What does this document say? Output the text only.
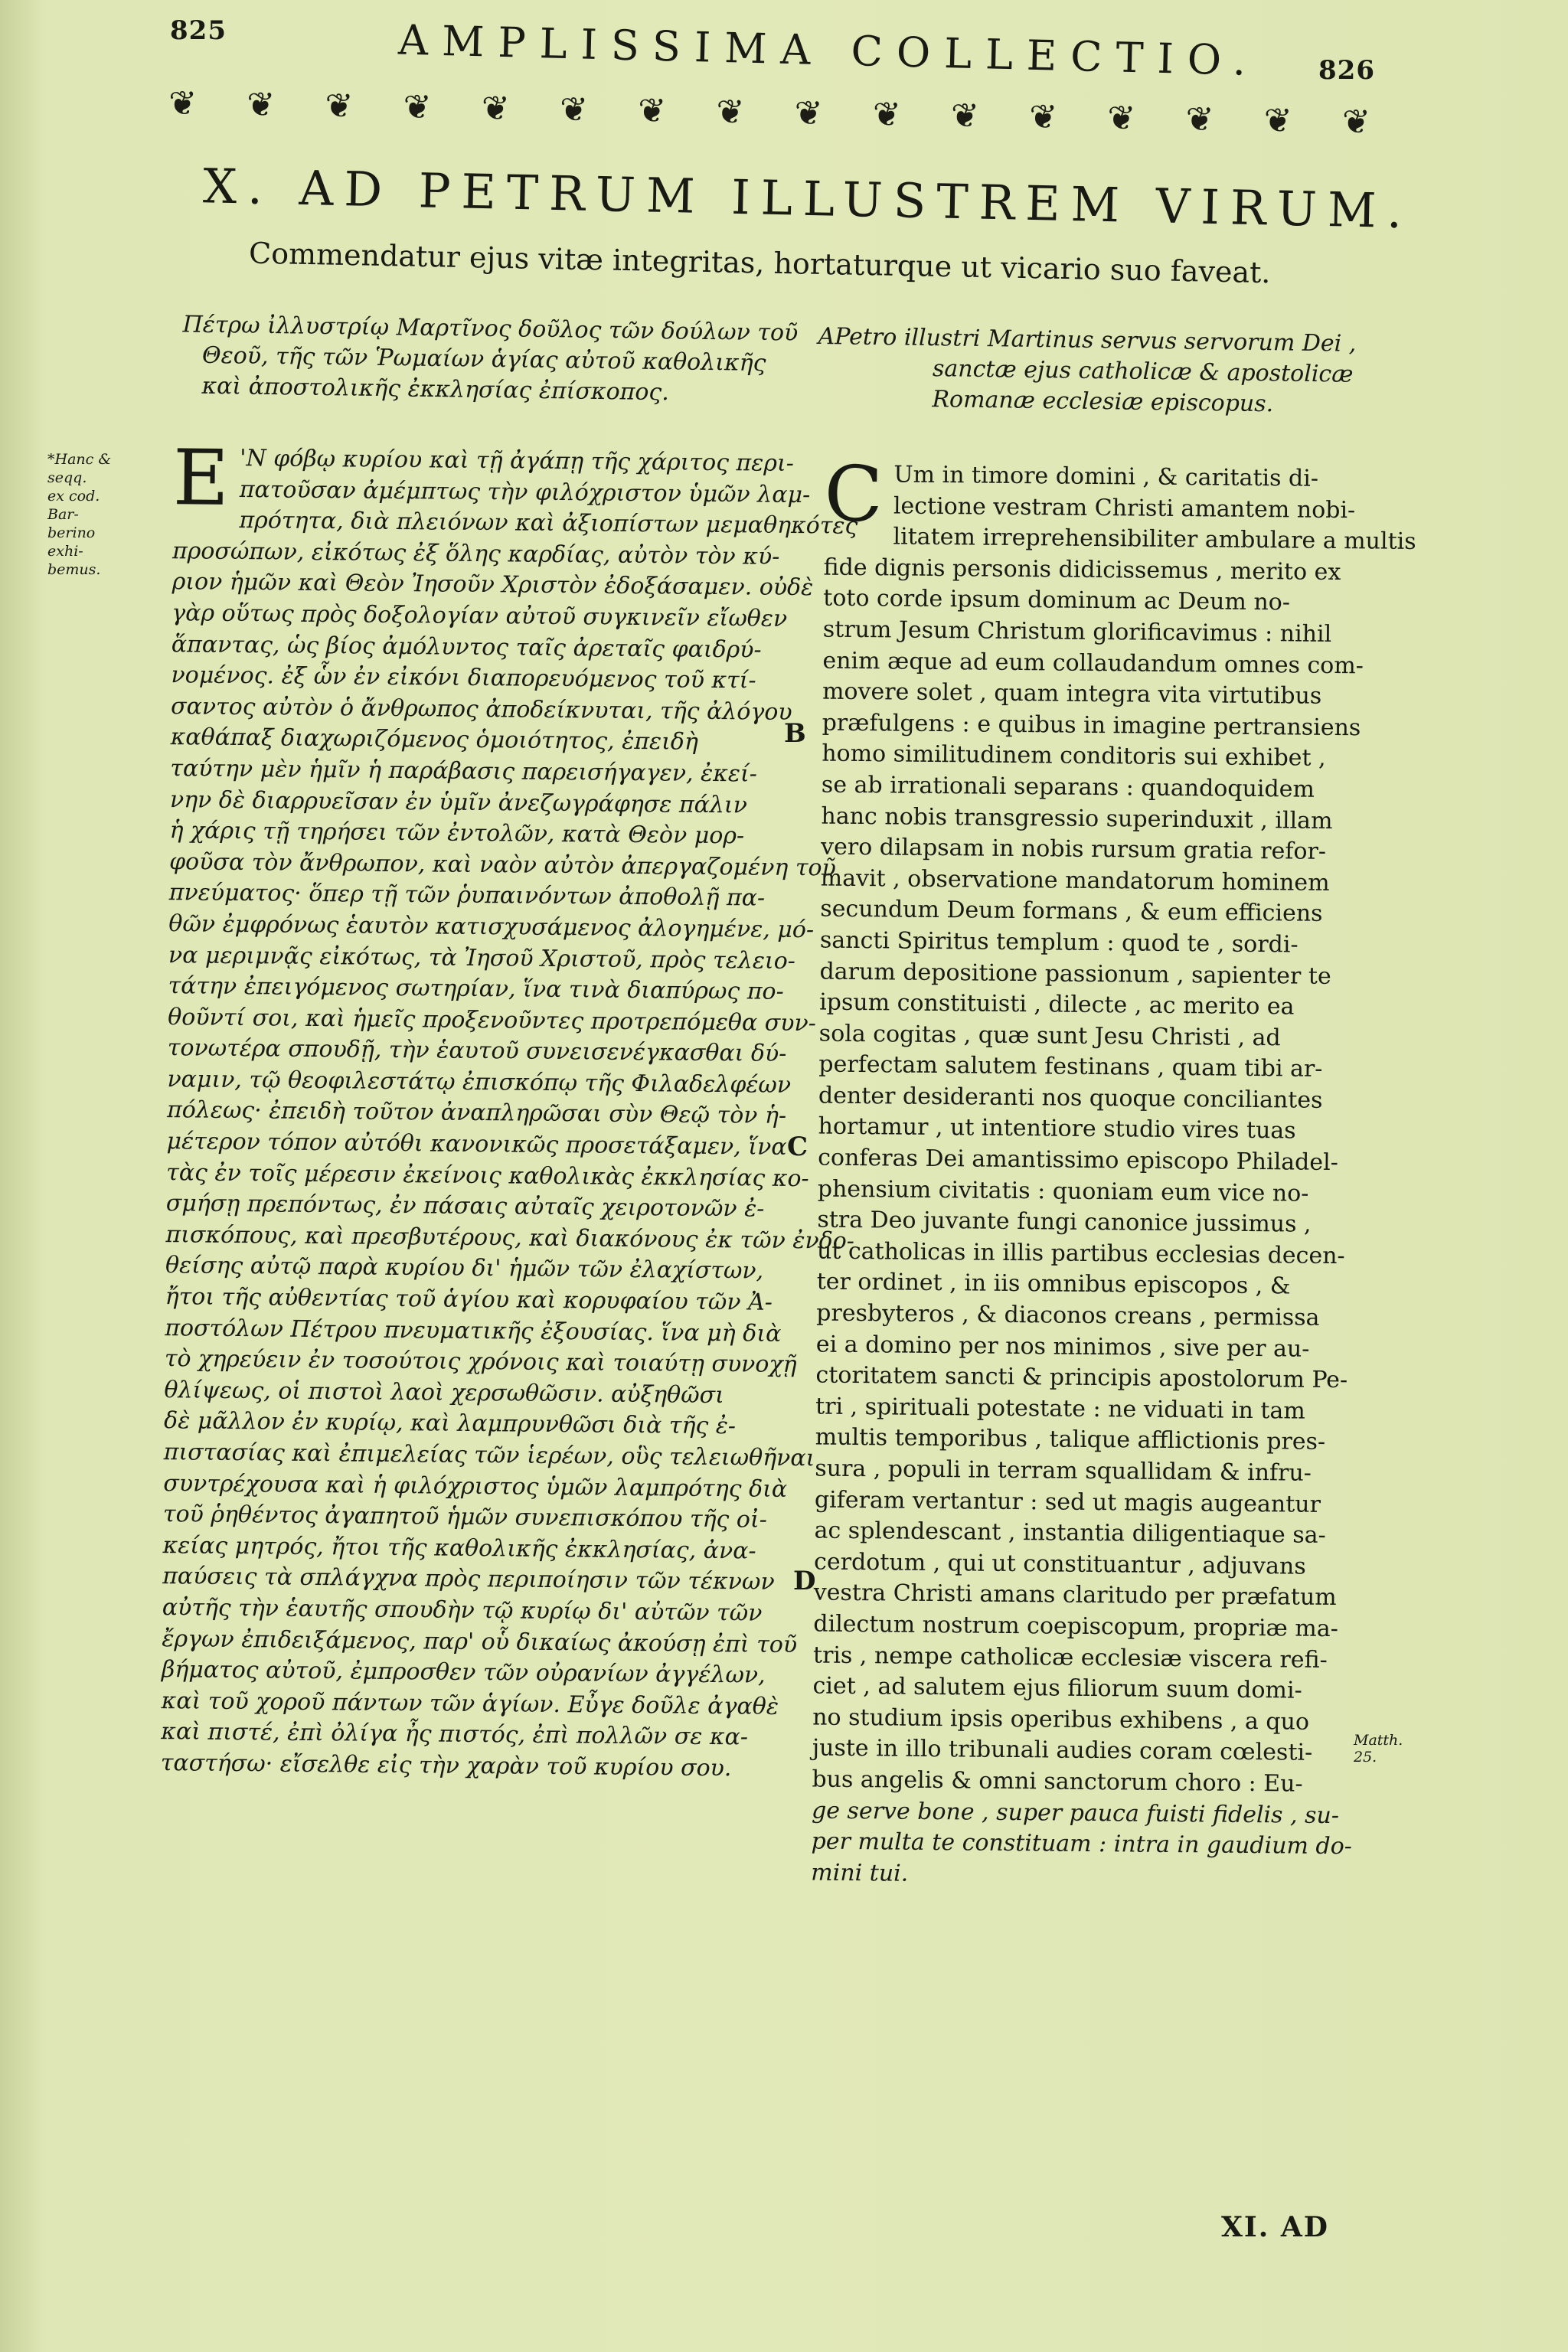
825	AMPLISSIMA COLLECTIO. 826
❦ ❦ ❦ ❦ ❦ ❦ ❦ ❦ ❦ ❦ ❦ ❦ ❦ ❦ ❦ ❦
X. AD PETRUM ILLUSTREM VIRUM.
Commendatur ejus vitæ integritas, hortaturque ut vicario suo faveat.
Πέτρω ἰλλυστρίῳ Μαρτῖνος δοῦλος τῶν δούλων τοῦ
Θεοῦ, τῆς τῶν Ῥωμαίων ἁγίας αὐτοῦ καθολικῆς
καὶ ἀποστολικῆς ἐκκλησίας ἐπίσκοπος.
APetro illustri Martinus servus servorum Dei ,
sanctæ ejus catholicæ & apostolicæ
Romanæ ecclesiæ episcopus.
*Hanc & seqq.
ex cod. Bar-
berino exhi-
bemus.
E 'Ν φόβῳ κυρίου καὶ τῇ ἀγάπῃ τῆς χάριτος περι-
πατοῦσαν ἀμέμπτως τὴν φιλόχριστον ὑμῶν λαμ-
πρότητα, διὰ πλειόνων καὶ ἀξιοπίστων μεμαθηκότες
προσώπων, εἰκότως ἐξ ὅλης καρδίας, αὐτὸν τὸν κύ-
ριον ἡμῶν καὶ Θεὸν Ἰησοῦν Χριστὸν ἐδοξάσαμεν. οὐδὲ
γὰρ οὕτως πρὸς δοξολογίαν αὐτοῦ συγκινεῖν εἴωθεν
ἅπαντας, ὡς βίος ἀμόλυντος ταῖς ἀρεταῖς φαιδρύ-
νομένος. ἐξ ὧν ἐν εἰκόνι διαπορευόμενος τοῦ κτί-
σαντος αὐτὸν ὁ ἄνθρωπος ἀποδείκνυται, τῆς ἀλόγου
καθάπαξ διαχωριζόμενος ὁμοιότητος, ἐπειδὴ
ταύτην μὲν ἡμῖν ἡ παράβασις παρεισήγαγεν, ἐκεί-
νην δὲ διαρρυεῖσαν ἐν ὑμῖν ἀνεζωγράφησε πάλιν
ἡ χάρις τῇ τηρήσει τῶν ἐντολῶν, κατὰ Θεὸν μορ-
φοῦσα τὸν ἄνθρωπον, καὶ ναὸν αὐτὸν ἀπεργαζομένη τοῦ
πνεύματος· ὅπερ τῇ τῶν ῥυπαινόντων ἀποθολῇ πα-
θῶν ἐμφρόνως ἑαυτὸν κατισχυσάμενος ἀλογημένε, μό-
να μεριμνᾷς εἰκότως, τὰ Ἰησοῦ Χριστοῦ, πρὸς τελειο-
τάτην ἐπειγόμενος σωτηρίαν, ἵνα τινὰ διαπύρως πο-
θοῦντί σοι, καὶ ἡμεῖς προξενοῦντες προτρεπόμεθα συν-
τονωτέρα σπουδῇ, τὴν ἑαυτοῦ συνεισενέγκασθαι δύ-
ναμιν, τῷ θεοφιλεστάτῳ ἐπισκόπῳ τῆς Φιλαδελφέων
πόλεως· ἐπειδὴ τοῦτον ἀναπληρῶσαι σὺν Θεῷ τὸν ἡ-
μέτερον τόπον αὐτόθι κανονικῶς προσετάξαμεν, ἵνα
τὰς ἐν τοῖς μέρεσιν ἐκείνοις καθολικὰς ἐκκλησίας κο-
σμήσῃ πρεπόντως, ἐν πάσαις αὐταῖς χειροτονῶν ἐ-
πισκόπους, καὶ πρεσβυτέρους, καὶ διακόνους ἐκ τῶν ἐνδο-
θείσης αὐτῷ παρὰ κυρίου δι' ἡμῶν τῶν ἐλαχίστων,
ἤτοι τῆς αὐθεντίας τοῦ ἁγίου καὶ κορυφαίου τῶν Ἀ-
ποστόλων Πέτρου πνευματικῆς ἐξουσίας. ἵνα μὴ διὰ
τὸ χηρεύειν ἐν τοσούτοις χρόνοις καὶ τοιαύτῃ συνοχῇ
θλίψεως, οἱ πιστοὶ λαοὶ χερσωθῶσιν. αὐξηθῶσι
δὲ μᾶλλον ἐν κυρίῳ, καὶ λαμπρυνθῶσι διὰ τῆς ἐ-
πιστασίας καὶ ἐπιμελείας τῶν ἱερέων, οὓς τελειωθῆναι
συντρέχουσα καὶ ἡ φιλόχριστος ὑμῶν λαμπρότης διὰ
τοῦ ῥηθέντος ἀγαπητοῦ ἡμῶν συνεπισκόπου τῆς οἰ-
κείας μητρός, ἤτοι τῆς καθολικῆς ἐκκλησίας, ἀνα-
παύσεις τὰ σπλάγχνα πρὸς περιποίησιν τῶν τέκνων
αὐτῆς τὴν ἑαυτῆς σπουδὴν τῷ κυρίῳ δι' αὐτῶν τῶν
ἔργων ἐπιδειξάμενος, παρ' οὗ δικαίως ἀκούσῃ ἐπὶ τοῦ
βήματος αὐτοῦ, ἐμπροσθεν τῶν οὐρανίων ἀγγέλων,
καὶ τοῦ χοροῦ πάντων τῶν ἁγίων. Εὖγε δοῦλε ἀγαθὲ
καὶ πιστέ, ἐπὶ ὀλίγα ἦς πιστός, ἐπὶ πολλῶν σε κα-
ταστήσω· εἴσελθε εἰς τὴν χαρὰν τοῦ κυρίου σου.
C Um in timore domini , & caritatis di-
lectione vestram Christi amantem nobi-
litatem irreprehensibiliter ambulare a multis
fide dignis personis didicissemus , merito ex
toto corde ipsum dominum ac Deum no-
strum Jesum Christum glorificavimus : nihil
enim æque ad eum collaudandum omnes com-
movere solet , quam integra vita virtutibus
præfulgens : e quibus in imagine pertransiens
homo similitudinem conditoris sui exhibet ,
se ab irrationali separans : quandoquidem
hanc nobis transgressio superinduxit , illam
vero dilapsam in nobis rursum gratia refor-
mavit , observatione mandatorum hominem
secundum Deum formans , & eum efficiens
sancti Spiritus templum : quod te , sordi-
darum depositione passionum , sapienter te
ipsum constituisti , dilecte , ac merito ea
sola cogitas , quæ sunt Jesu Christi , ad
perfectam salutem festinans , quam tibi ar-
denter desideranti nos quoque conciliantes
hortamur , ut intentiore studio vires tuas
conferas Dei amantissimo episcopo Philadel-
phensium civitatis : quoniam eum vice no-
stra Deo juvante fungi canonice jussimus ,
ut catholicas in illis partibus ecclesias decen-
ter ordinet , in iis omnibus episcopos , &
presbyteros , & diaconos creans , permissa
ei a domino per nos minimos , sive per au-
ctoritatem sancti & principis apostolorum Pe-
tri , spirituali potestate : ne viduati in tam
multis temporibus , talique afflictionis pres-
sura , populi in terram squallidam & infru-
giferam vertantur : sed ut magis augeantur
ac splendescant , instantia diligentiaque sa-
cerdotum , qui ut constituantur , adjuvans
vestra Christi amans claritudo per præfatum
dilectum nostrum coepiscopum, propriæ ma-
tris , nempe catholicæ ecclesiæ viscera refi-
ciet , ad salutem ejus filiorum suum domi-
no studium ipsis operibus exhibens , a quo
juste in illo tribunali audies coram cœlesti-
bus angelis & omni sanctorum choro : Eu-
ge serve bone , super pauca fuisti fidelis , su-
per multa te constituam : intra in gaudium do-
mini tui.
B
C
D
Matth. 25.
XI. AD
